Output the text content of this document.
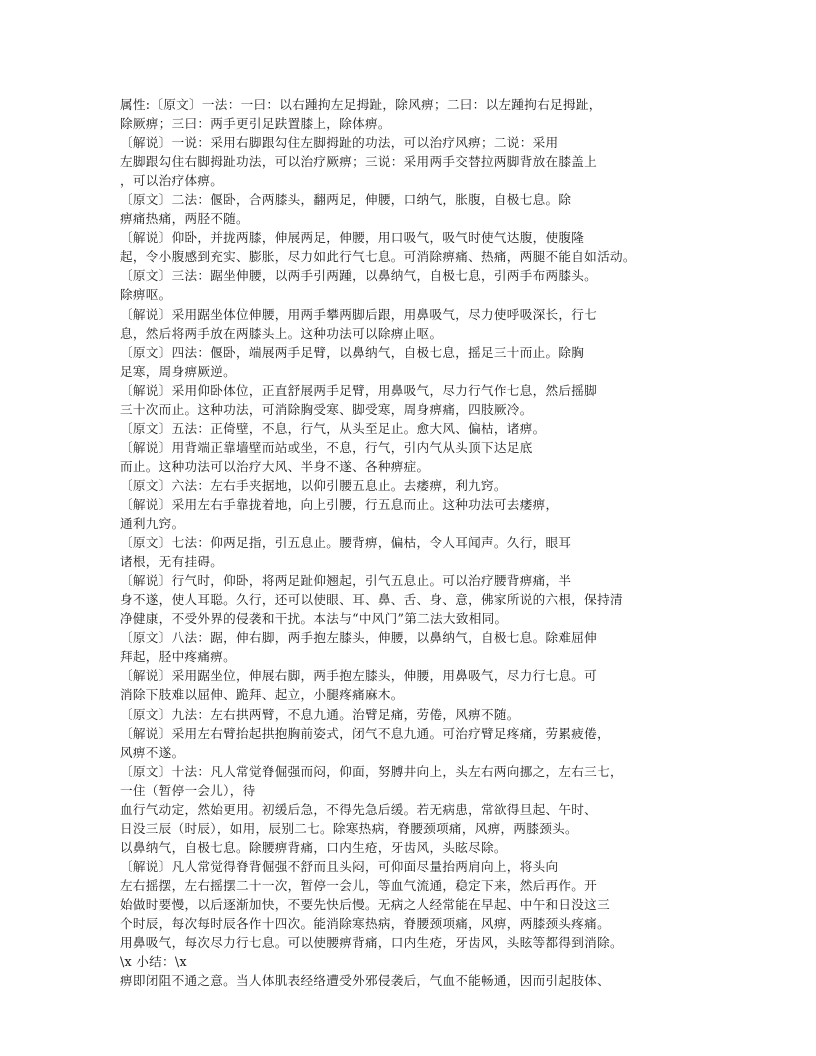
属性:〔原文〕一法：一曰：以右踵拘左足拇趾，除风痹；二曰：以左踵拘右足拇趾，
除厥痹；三曰：两手更引足趺置膝上，除体痹。
〔解说〕一说：采用右脚跟勾住左脚拇趾的功法，可以治疗风痹；二说：采用
左脚跟勾住右脚拇趾功法，可以治疗厥痹；三说：采用两手交替拉两脚背放在膝盖上
，可以治疗体痹。
〔原文〕二法：偃卧，合两膝头，翻两足，伸腰，口纳气，胀腹，自极七息。除
痹痛热痛，两胫不随。
〔解说〕仰卧，并拢两膝，伸展两足，伸腰，用口吸气，吸气时使气达腹，使腹隆
起，令小腹感到充实、膨胀，尽力如此行气七息。可消除痹痛、热痛，两腿不能自如活动。
〔原文〕三法：踞坐伸腰，以两手引两踵，以鼻纳气，自极七息，引两手布两膝头。
除痹呕。
〔解说〕采用踞坐体位伸腰，用两手攀两脚后跟，用鼻吸气，尽力使呼吸深长，行七
息，然后将两手放在两膝头上。这种功法可以除痹止呕。
〔原文〕四法：偃卧，端展两手足臂，以鼻纳气，自极七息，摇足三十而止。除胸
足寒，周身痹厥逆。
〔解说〕采用仰卧体位，正直舒展两手足臂，用鼻吸气，尽力行气作七息，然后摇脚
三十次而止。这种功法，可消除胸受寒、脚受寒，周身痹痛，四肢厥冷。
〔原文〕五法：正倚壁，不息，行气，从头至足止。愈大风、偏枯，诸痹。
〔解说〕用背端正靠墙壁而站或坐，不息，行气，引内气从头顶下达足底
而止。这种功法可以治疗大风、半身不遂、各种痹症。
〔原文〕六法：左右手夹据地，以仰引腰五息止。去痿痹，利九窍。
〔解说〕采用左右手靠拢着地，向上引腰，行五息而止。这种功法可去痿痹，
通利九窍。
〔原文〕七法：仰两足指，引五息止。腰背痹，偏枯，令人耳闻声。久行，眼耳
诸根，无有挂碍。
〔解说〕行气时，仰卧，将两足趾仰翘起，引气五息止。可以治疗腰背痹痛，半
身不遂，使人耳聪。久行，还可以使眼、耳、鼻、舌、身、意，佛家所说的六根，保持清
净健康，不受外界的侵袭和干扰。本法与“中风门”第二法大致相同。
〔原文〕八法：踞，伸右脚，两手抱左膝头，伸腰，以鼻纳气，自极七息。除难屈伸
拜起，胫中疼痛痹。
〔解说〕采用踞坐位，伸展右脚，两手抱左膝头，伸腰，用鼻吸气，尽力行七息。可
消除下肢难以屈伸、跪拜、起立，小腿疼痛麻木。
〔原文〕九法：左右拱两臂，不息九通。治臂足痛，劳倦，风痹不随。
〔解说〕采用左右臂抬起拱抱胸前姿式，闭气不息九通。可治疗臂足疼痛，劳累疲倦，
风痹不遂。
〔原文〕十法：凡人常觉脊倔强而闷，仰面，努膊井向上，头左右两向挪之，左右三七，
一住（暂停一会儿），待
血行气动定，然始更用。初缓后急，不得先急后缓。若无病患，常欲得旦起、午时、
日没三辰（时辰），如用，辰别二七。除寒热病，脊腰颈项痛，风痹，两膝颈头。
以鼻纳气，自极七息。除腰痹背痛，口内生疮，牙齿风，头眩尽除。
〔解说〕凡人常觉得脊背倔强不舒而且头闷，可仰面尽量抬两肩向上，将头向
左右摇摆，左右摇摆二十一次，暂停一会儿，等血气流通，稳定下来，然后再作。开
始做时要慢，以后逐渐加快，不要先快后慢。无病之人经常能在早起、中午和日没这三
个时辰，每次每时辰各作十四次。能消除寒热病，脊腰颈项痛，风痹，两膝颈头疼痛。
用鼻吸气，每次尽力行七息。可以使腰痹背痛，口内生疮，牙齿风，头眩等都得到消除。
\x 小结：\x
痹即闭阻不通之意。当人体肌表经络遭受外邪侵袭后，气血不能畅通，因而引起肢体、
